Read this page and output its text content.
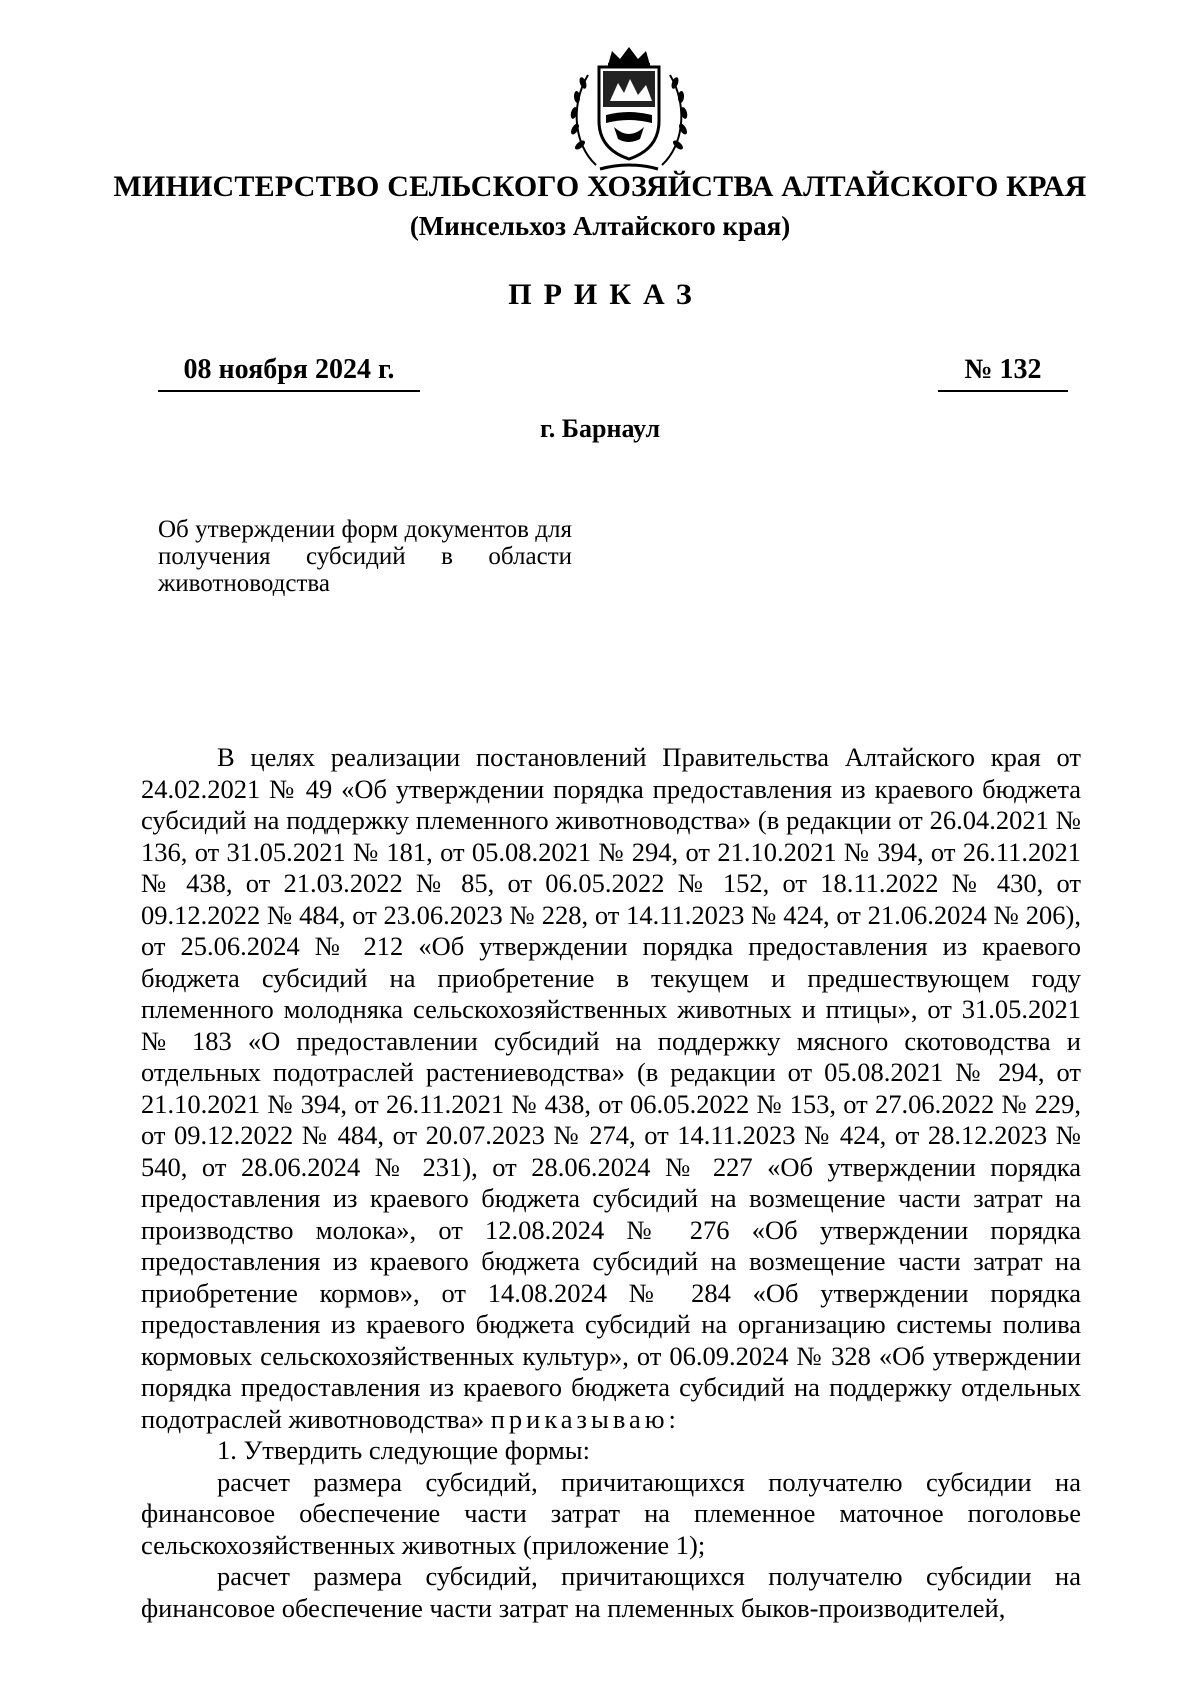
МИНИСТЕРСТВО СЕЛЬСКОГО ХОЗЯЙСТВА АЛТАЙСКОГО КРАЯ
(Минсельхоз Алтайского края)
ПРИКАЗ
08 ноября 2024 г.	№ 132
г. Барнаул
Об утверждении форм документов для получения субсидий в области
животноводства

В целях реализации постановлений Правительства Алтайского края от 24.02.2021 № 49 «Об утверждении порядка предоставления из краевого бюджета субсидий на поддержку племенного животноводства» (в редакции от 26.04.2021 № 136, от 31.05.2021 № 181, от 05.08.2021 № 294, от 21.10.2021 № 394, от 26.11.2021 № 438, от 21.03.2022 № 85, от 06.05.2022 № 152, от 18.11.2022 № 430, от 09.12.2022 № 484, от 23.06.2023 № 228, от 14.11.2023 № 424, от 21.06.2024 № 206), от 25.06.2024 № 212 «Об утверждении порядка предоставления из краевого бюджета субсидий на приобретение в текущем и предшествующем году племенного молодняка сельскохозяйственных животных и птицы», от 31.05.2021 № 183 «О предоставлении субсидий на поддержку мясного скотоводства и отдельных подотраслей растениеводства» (в редакции от 05.08.2021 № 294, от 21.10.2021 № 394, от 26.11.2021 № 438, от 06.05.2022 № 153, от 27.06.2022 № 229, от 09.12.2022 № 484, от 20.07.2023 № 274, от 14.11.2023 № 424, от 28.12.2023 № 540, от 28.06.2024 № 231), от 28.06.2024 № 227 «Об утверждении порядка предоставления из краевого бюджета субсидий на возмещение части затрат на производство молока», от 12.08.2024 № 276 «Об утверждении порядка предоставления из краевого бюджета субсидий на возмещение части затрат на приобретение кормов», от 14.08.2024 № 284 «Об утверждении порядка предоставления из краевого бюджета субсидий на организацию системы полива кормовых сельскохозяйственных культур», от 06.09.2024 № 328 «Об утверждении порядка предоставления из краевого бюджета субсидий на поддержку отдельных подотраслей животноводства» приказываю:

1. Утвердить следующие формы:

расчет размера субсидий, причитающихся получателю субсидии на финансовое обеспечение части затрат на племенное маточное поголовье сельскохозяйственных животных (приложение 1);

расчет размера субсидий, причитающихся получателю субсидии на финансовое обеспечение части затрат на племенных быков-производителей,
